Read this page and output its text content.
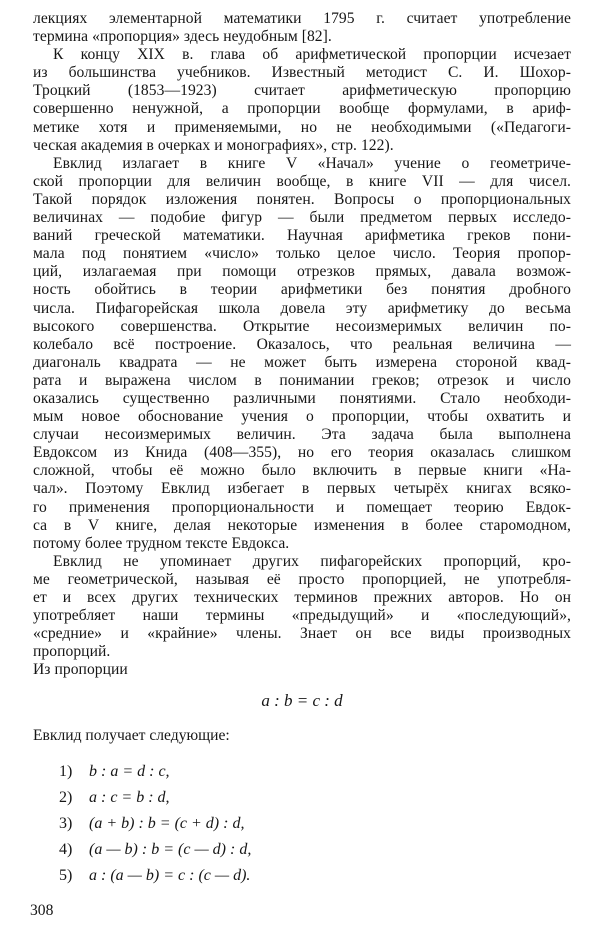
лекциях элементарной математики 1795 г. считает употребление
термина «пропорция» здесь неудобным [82].
К концу XIX в. глава об арифметической пропорции исчезает
из большинства учебников. Известный методист С. И. Шохор-
Троцкий (1853—1923) считает арифметическую пропорцию
совершенно ненужной, а пропорции вообще формулами, в ариф-
метике хотя и применяемыми, но не необходимыми («Педагоги-
ческая академия в очерках и монографиях», стр. 122).
Евклид излагает в книге V «Начал» учение о геометриче-
ской пропорции для величин вообще, в книге VII — для чисел.
Такой порядок изложения понятен. Вопросы о пропорциональных
величинах — подобие фигур — были предметом первых исследо-
ваний греческой математики. Научная арифметика греков пони-
мала под понятием «число» только целое число. Теория пропор-
ций, излагаемая при помощи отрезков прямых, давала возмож-
ность обойтись в теории арифметики без понятия дробного
числа. Пифагорейская школа довела эту арифметику до весьма
высокого совершенства. Открытие несоизмеримых величин по-
колебало всё построение. Оказалось, что реальная величина —
диагональ квадрата — не может быть измерена стороной квад-
рата и выражена числом в понимании греков; отрезок и число
оказались существенно различными понятиями. Стало необходи-
мым новое обоснование учения о пропорции, чтобы охватить и
случаи несоизмеримых величин. Эта задача была выполнена
Евдоксом из Книда (408—355), но его теория оказалась слишком
сложной, чтобы её можно было включить в первые книги «На-
чал». Поэтому Евклид избегает в первых четырёх книгах всяко-
го применения пропорциональности и помещает теорию Евдок-
са в V книге, делая некоторые изменения в более старомодном,
потому более трудном тексте Евдокса.
Евклид не упоминает других пифагорейских пропорций, кро-
ме геометрической, называя её просто пропорцией, не употребля-
ет и всех других технических терминов прежних авторов. Но он
употребляет наши термины «предыдущий» и «последующий»,
«средние» и «крайние» члены. Знает он все виды производных
пропорций.
Из пропорции
a : b = c : d
Евклид получает следующие:
1) b : a = d : c,
2) a : c = b : d,
3) (a + b) : b = (c + d) : d,
4) (a — b) : b = (c — d) : d,
5) a : (a — b) = c : (c — d).
308
